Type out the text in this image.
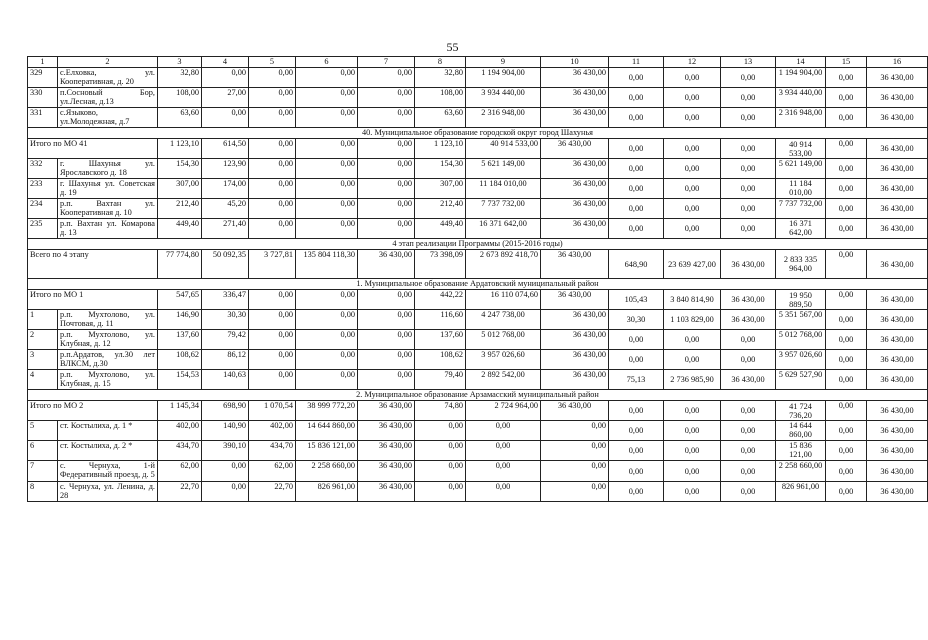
55
1	2	3	4	5	6	7	8	9	10	11	12	13	14	15	16
329	с.Елховка, ул. Кооперативная, д. 20	32,80	0,00	0,00	0,00	0,00	32,80	1 194 904,00	36 430,00	0,00	0,00	0,00	1 194 904,00	0,00	36 430,00
330	п.Сосновый Бор, ул.Лесная, д.13	108,00	27,00	0,00	0,00	0,00	108,00	3 934 440,00	36 430,00	0,00	0,00	0,00	3 934 440,00	0,00	36 430,00
331	с.Языково, ул.Молодежная, д.7	63,60	0,00	0,00	0,00	0,00	63,60	2 316 948,00	36 430,00	0,00	0,00	0,00	2 316 948,00	0,00	36 430,00
40. Муниципальное образование городской округ город Шахунья															
Итого по МО 41		1 123,10	614,50	0,00	0,00	0,00	1 123,10	40 914 533,00	36 430,00	0,00	0,00	0,00	40 914 533,00	0,00	36 430,00
332	г. Шахунья ул. Ярославского д. 18	154,30	123,90	0,00	0,00	0,00	154,30	5 621 149,00	36 430,00	0,00	0,00	0,00	5 621 149,00	0,00	36 430,00
233	г. Шахунья ул. Советская д. 19	307,00	174,00	0,00	0,00	0,00	307,00	11 184 010,00	36 430,00	0,00	0,00	0,00	11 184 010,00	0,00	36 430,00
234	р.п. Вахтан ул. Кооперативная д. 10	212,40	45,20	0,00	0,00	0,00	212,40	7 737 732,00	36 430,00	0,00	0,00	0,00	7 737 732,00	0,00	36 430,00
235	р.п. Вахтан ул. Комарова д. 13	449,40	271,40	0,00	0,00	0,00	449,40	16 371 642,00	36 430,00	0,00	0,00	0,00	16 371 642,00	0,00	36 430,00
4 этап реализации Программы (2015-2016 годы)															
Всего по 4 этапу		77 774,80	50 092,35	3 727,81	135 804 118,30	36 430,00	73 398,09	2 673 892 418,70	36 430,00	648,90	23 639 427,00	36 430,00	2 833 335 964,00	0,00	36 430,00
1. Муниципальное образование Ардатовский муниципальный район															
Итого по МО 1		547,65	336,47	0,00	0,00	0,00	442,22	16 110 074,60	36 430,00	105,43	3 840 814,90	36 430,00	19 950 889,50	0,00	36 430,00
1	р.п. Мухтолово, ул. Почтовая, д. 11	146,90	30,30	0,00	0,00	0,00	116,60	4 247 738,00	36 430,00	30,30	1 103 829,00	36 430,00	5 351 567,00	0,00	36 430,00
2	р.п. Мухтолово, ул. Клубная, д. 12	137,60	79,42	0,00	0,00	0,00	137,60	5 012 768,00	36 430,00	0,00	0,00	0,00	5 012 768,00	0,00	36 430,00
3	р.п.Ардатов, ул.30 лет ВЛКСМ, д.30	108,62	86,12	0,00	0,00	0,00	108,62	3 957 026,60	36 430,00	0,00	0,00	0,00	3 957 026,60	0,00	36 430,00
4	р.п. Мухтолово, ул. Клубная, д. 15	154,53	140,63	0,00	0,00	0,00	79,40	2 892 542,00	36 430,00	75,13	2 736 985,90	36 430,00	5 629 527,90	0,00	36 430,00
2. Муниципальное образование Арзамасский муниципальный район															
Итого по МО 2		1 145,34	698,90	1 070,54	38 999 772,20	36 430,00	74,80	2 724 964,00	36 430,00	0,00	0,00	0,00	41 724 736,20	0,00	36 430,00
5	ст. Костылиха, д. 1 *	402,00	140,90	402,00	14 644 860,00	36 430,00	0,00	0,00	0,00	0,00	0,00	0,00	14 644 860,00	0,00	36 430,00
6	ст. Костылиха, д. 2 *	434,70	390,10	434,70	15 836 121,00	36 430,00	0,00	0,00	0,00	0,00	0,00	0,00	15 836 121,00	0,00	36 430,00
7	с. Чернуха, 1-й Федеративный проезд, д. 5	62,00	0,00	62,00	2 258 660,00	36 430,00	0,00	0,00	0,00	0,00	0,00	0,00	2 258 660,00	0,00	36 430,00
8	с. Чернуха, ул. Ленина, д. 28	22,70	0,00	22,70	826 961,00	36 430,00	0,00	0,00	0,00	0,00	0,00	0,00	826 961,00	0,00	36 430,00
